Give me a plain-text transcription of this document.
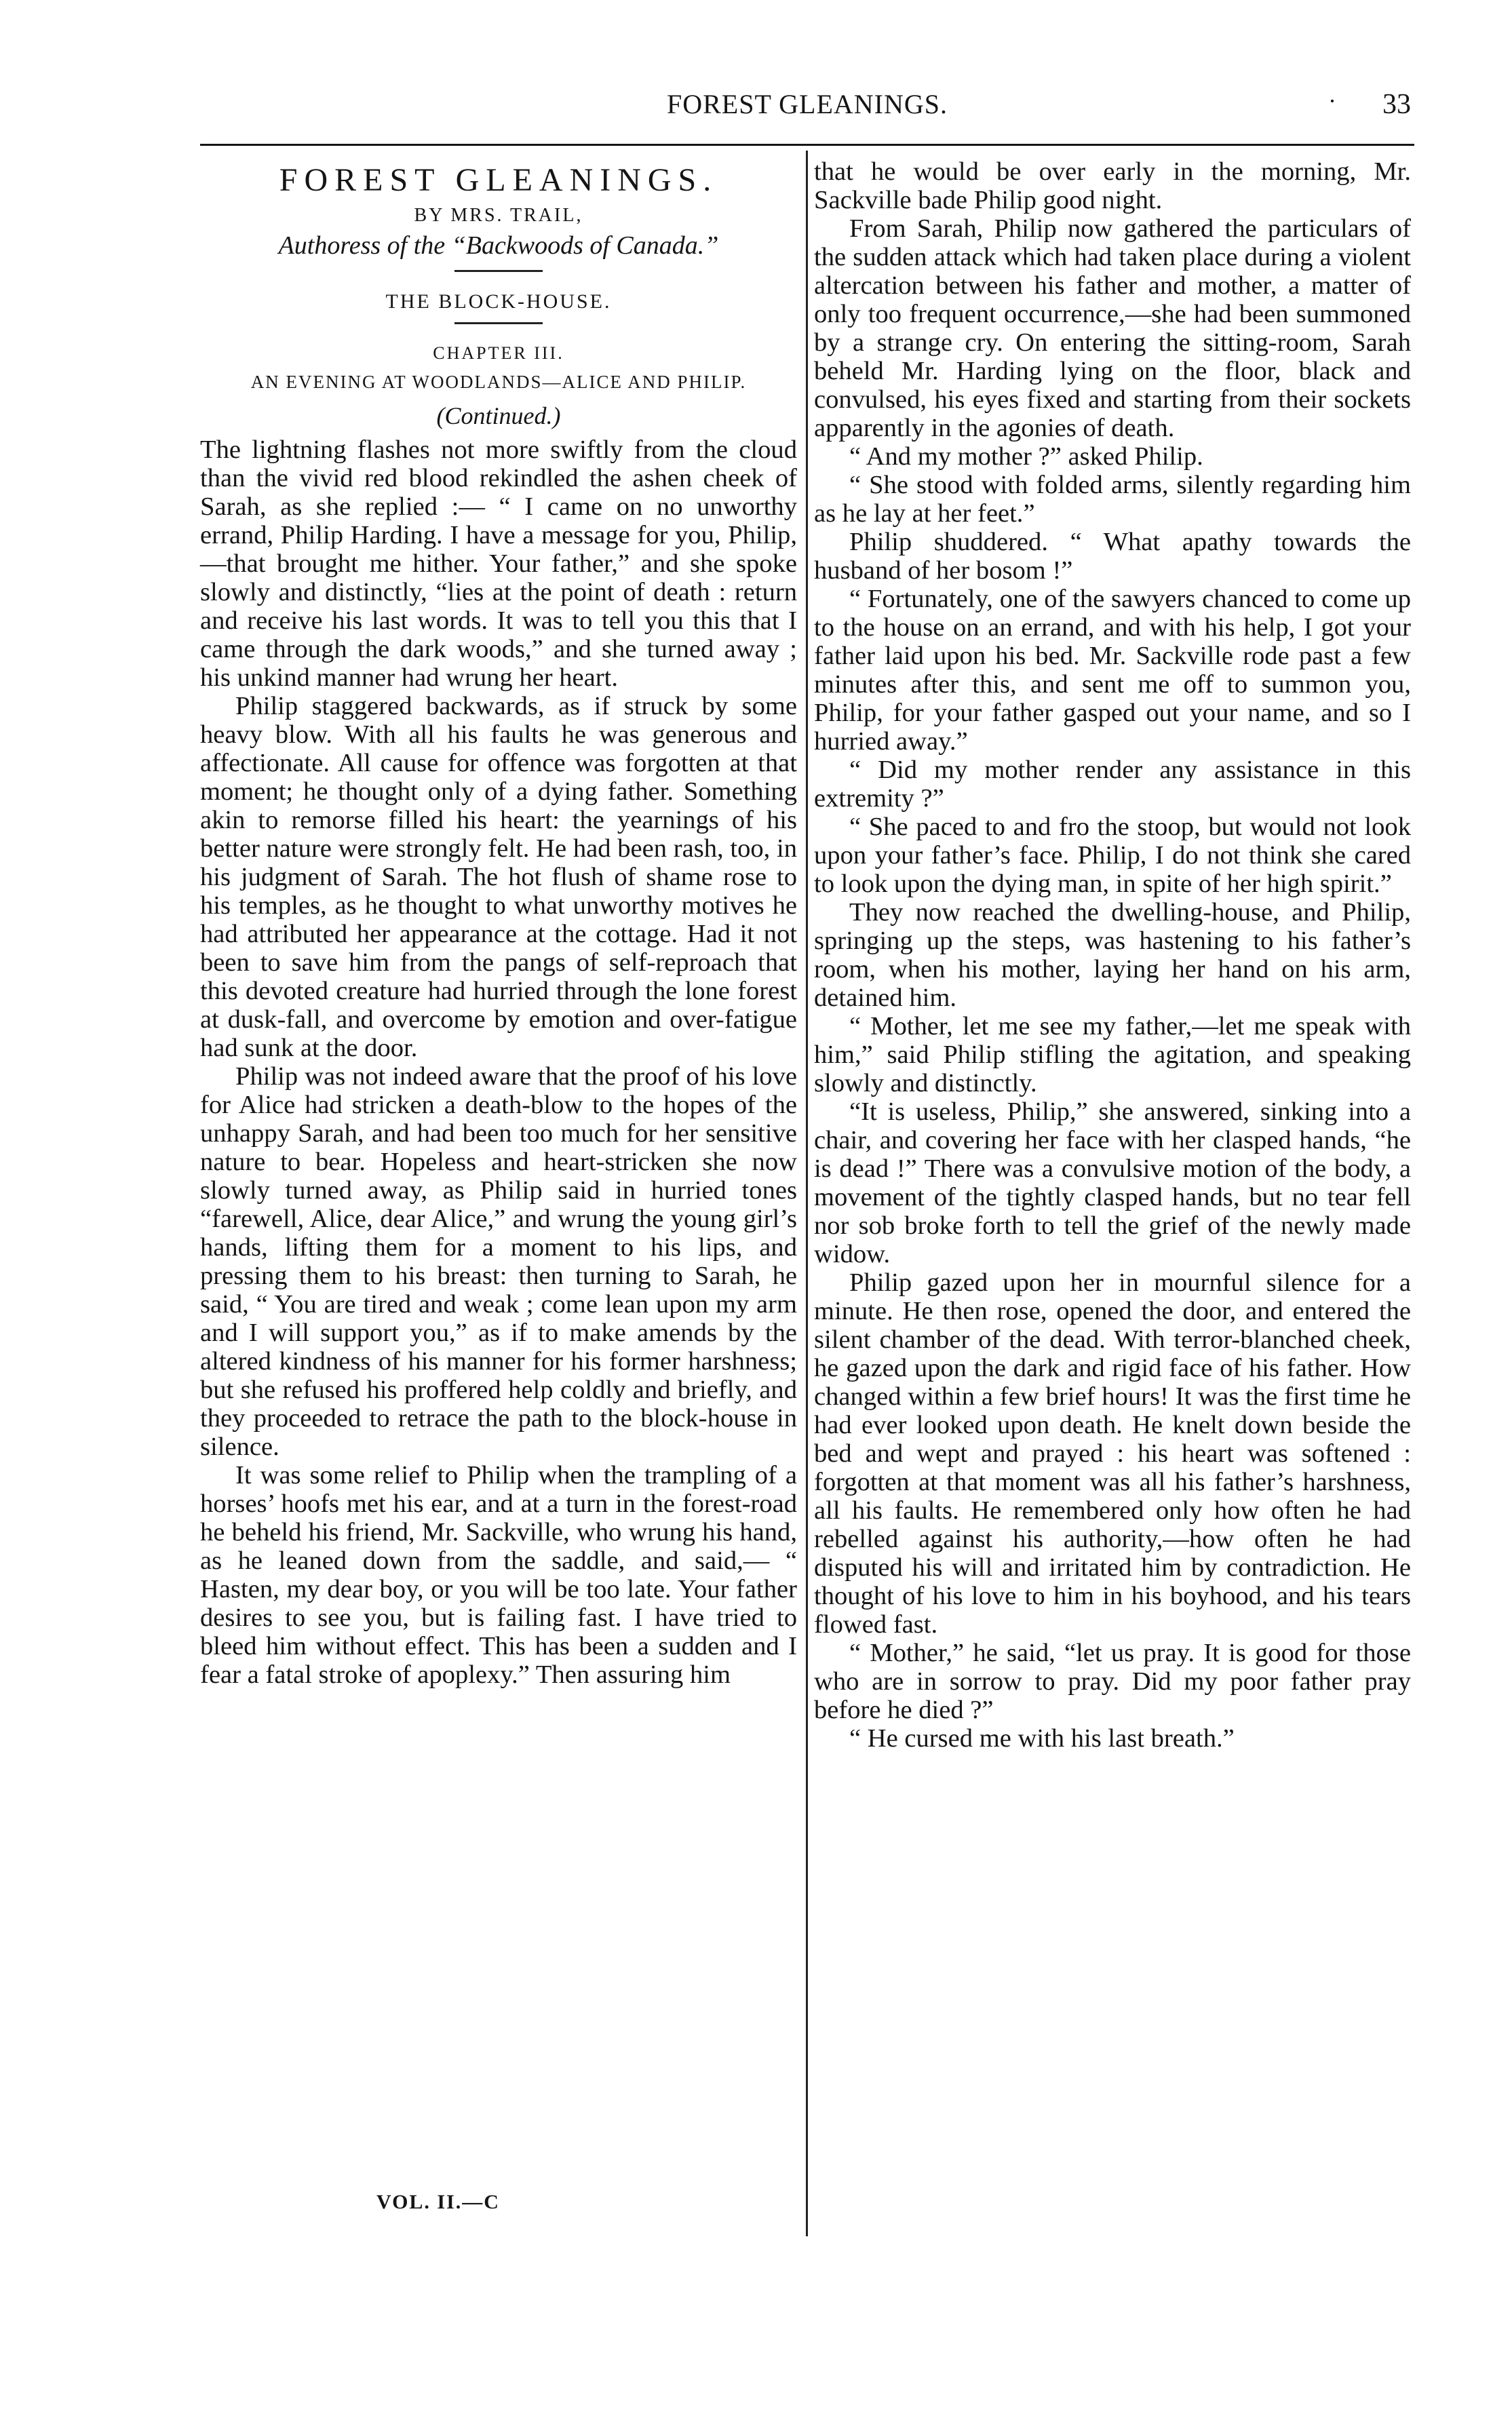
FOREST GLEANINGS.	· 33
FOREST GLEANINGS.
BY MRS. TRAIL,
Authoress of the “Backwoods of Canada.”
THE BLOCK-HOUSE.
CHAPTER III.
AN EVENING AT WOODLANDS—ALICE AND PHILIP.
(Continued.)

The lightning flashes not more swiftly from the cloud than the vivid red blood rekindled the ashen cheek of Sarah, as she replied :— “ I came on no unworthy errand, Philip Harding. I have a message for you, Philip,—that brought me hither. Your father,” and she spoke slowly and distinctly, “lies at the point of death : return and receive his last words. It was to tell you this that I came through the dark woods,” and she turned away ; his unkind manner had wrung her heart.

Philip staggered backwards, as if struck by some heavy blow. With all his faults he was generous and affectionate. All cause for offence was forgotten at that moment; he thought only of a dying father. Something akin to remorse filled his heart: the yearnings of his better nature were strongly felt. He had been rash, too, in his judgment of Sarah. The hot flush of shame rose to his temples, as he thought to what unworthy motives he had attributed her appearance at the cottage. Had it not been to save him from the pangs of self-reproach that this devoted creature had hurried through the lone forest at dusk-fall, and overcome by emotion and over-fatigue had sunk at the door.

Philip was not indeed aware that the proof of his love for Alice had stricken a death-blow to the hopes of the unhappy Sarah, and had been too much for her sensitive nature to bear. Hopeless and heart-stricken she now slowly turned away, as Philip said in hurried tones “farewell, Alice, dear Alice,” and wrung the young girl’s hands, lifting them for a moment to his lips, and pressing them to his breast: then turning to Sarah, he said, “ You are tired and weak ; come lean upon my arm and I will support you,” as if to make amends by the altered kindness of his manner for his former harshness; but she refused his proffered help coldly and briefly, and they proceeded to retrace the path to the block-house in silence.

It was some relief to Philip when the trampling of a horses’ hoofs met his ear, and at a turn in the forest-road he beheld his friend, Mr. Sackville, who wrung his hand, as he leaned down from the saddle, and said,— “ Hasten, my dear boy, or you will be too late. Your father desires to see you, but is failing fast. I have tried to bleed him without effect. This has been a sudden and I fear a fatal stroke of apoplexy.” Then assuring him

that he would be over early in the morning, Mr. Sackville bade Philip good night.

From Sarah, Philip now gathered the particulars of the sudden attack which had taken place during a violent altercation between his father and mother, a matter of only too frequent occurrence,—she had been summoned by a strange cry. On entering the sitting-room, Sarah beheld Mr. Harding lying on the floor, black and convulsed, his eyes fixed and starting from their sockets apparently in the agonies of death.

“ And my mother ?” asked Philip.

“ She stood with folded arms, silently regarding him as he lay at her feet.”

Philip shuddered. “ What apathy towards the husband of her bosom !”

“ Fortunately, one of the sawyers chanced to come up to the house on an errand, and with his help, I got your father laid upon his bed. Mr. Sackville rode past a few minutes after this, and sent me off to summon you, Philip, for your father gasped out your name, and so I hurried away.”

“ Did my mother render any assistance in this extremity ?”

“ She paced to and fro the stoop, but would not look upon your father’s face. Philip, I do not think she cared to look upon the dying man, in spite of her high spirit.”

They now reached the dwelling-house, and Philip, springing up the steps, was hastening to his father’s room, when his mother, laying her hand on his arm, detained him.

“ Mother, let me see my father,—let me speak with him,” said Philip stifling the agitation, and speaking slowly and distinctly.

“It is useless, Philip,” she answered, sinking into a chair, and covering her face with her clasped hands, “he is dead !” There was a convulsive motion of the body, a movement of the tightly clasped hands, but no tear fell nor sob broke forth to tell the grief of the newly made widow.

Philip gazed upon her in mournful silence for a minute. He then rose, opened the door, and entered the silent chamber of the dead. With terror-blanched cheek, he gazed upon the dark and rigid face of his father. How changed within a few brief hours! It was the first time he had ever looked upon death. He knelt down beside the bed and wept and prayed : his heart was softened : forgotten at that moment was all his father’s harshness, all his faults. He remembered only how often he had rebelled against his authority,—how often he had disputed his will and irritated him by contradiction. He thought of his love to him in his boyhood, and his tears flowed fast.

“ Mother,” he said, “let us pray. It is good for those who are in sorrow to pray. Did my poor father pray before he died ?”

“ He cursed me with his last breath.”

VOL. II.—C
